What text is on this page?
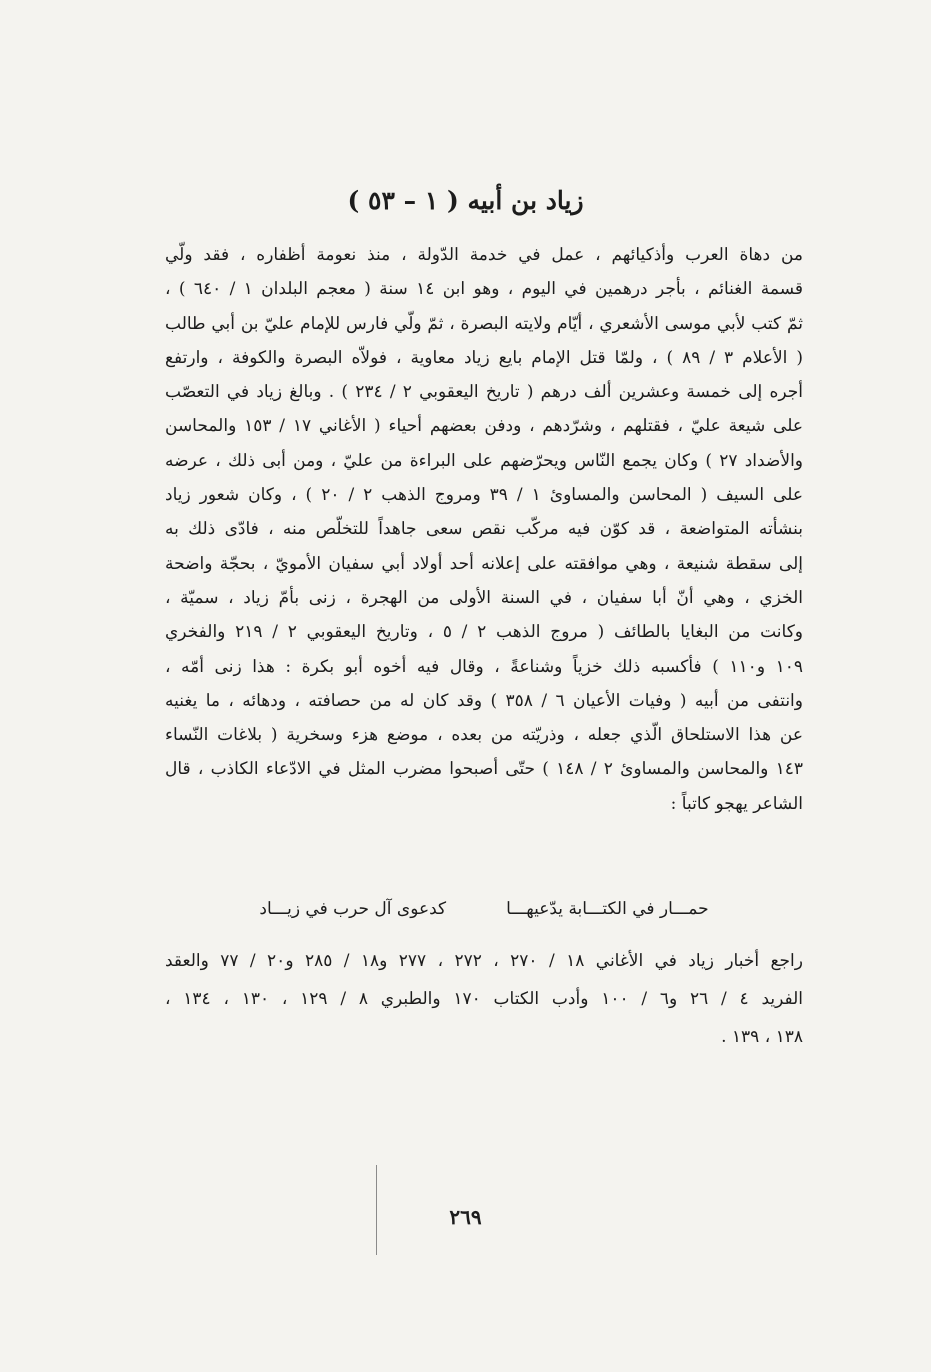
زياد بن أبيه ( ١ – ٥٣ )
من دهاة العرب وأذكيائهم ، عمل في خدمة الدّولة ، منذ نعومة أظفاره ، فقد ولّي
قسمة الغنائم ، بأجر درهمين في اليوم ، وهو ابن ١٤ سنة ( معجم البلدان ١ / ٦٤٠ ) ،
ثمّ كتب لأبي موسى الأشعري ، أيّام ولايته البصرة ، ثمّ ولّي فارس للإمام عليّ بن أبي طالب
( الأعلام ٣ / ٨٩ ) ، ولمّا قتل الإمام بايع زياد معاوية ، فولاّه البصرة والكوفة ، وارتفع
أجره إلى خمسة وعشرين ألف درهم ( تاريخ اليعقوبي ٢ / ٢٣٤ ) . وبالغ زياد في التعصّب
على شيعة عليّ ، فقتلهم ، وشرّدهم ، ودفن بعضهم أحياء ( الأغاني ١٧ / ١٥٣ والمحاسن
والأضداد ٢٧ ) وكان يجمع النّاس ويحرّضهم على البراءة من عليّ ، ومن أبى ذلك ، عرضه
على السيف ( المحاسن والمساوئ ١ / ٣٩ ومروج الذهب ٢ / ٢٠ ) ، وكان شعور زياد
بنشأته المتواضعة ، قد كوّن فيه مركّب نقص سعى جاهداً للتخلّص منه ، فادّى ذلك به
إلى سقطة شنيعة ، وهي موافقته على إعلانه أحد أولاد أبي سفيان الأمويّ ، بحجّة واضحة
الخزي ، وهي أنّ أبا سفيان ، في السنة الأولى من الهجرة ، زنى بأمّ زياد ، سميّة ،
وكانت من البغايا بالطائف ( مروج الذهب ٢ / ٥ ، وتاريخ اليعقوبي ٢ / ٢١٩ والفخري
١٠٩ و١١٠ ) فأكسبه ذلك خزياً وشناعةً ، وقال فيه أخوه أبو بكرة : هذا زنى أمّه ،
وانتفى من أبيه ( وفيات الأعيان ٦ / ٣٥٨ ) وقد كان له من حصافته ، ودهائه ، ما يغنيه
عن هذا الاستلحاق الّذي جعله ، وذريّته من بعده ، موضع هزء وسخرية ( بلاغات النّساء
١٤٣ والمحاسن والمساوئ ٢ / ١٤٨ ) حتّى أصبحوا مضرب المثل في الادّعاء الكاذب ، قال
الشاعر يهجو كاتباً :
حمـــار في الكتـــابة يدّعيهـــا
كدعوى آل حرب في زيـــاد
راجع أخبار زياد في الأغاني ١٨ / ٢٧٠ ، ٢٧٢ ، ٢٧٧ و١٨ / ٢٨٥ و٢٠ / ٧٧ والعقد
الفريد ٤ / ٢٦ و٦ / ١٠٠ وأدب الكتاب ١٧٠ والطبري ٨ / ١٢٩ ، ١٣٠ ، ١٣٤ ،
١٣٨ ، ١٣٩ .
٢٦٩
